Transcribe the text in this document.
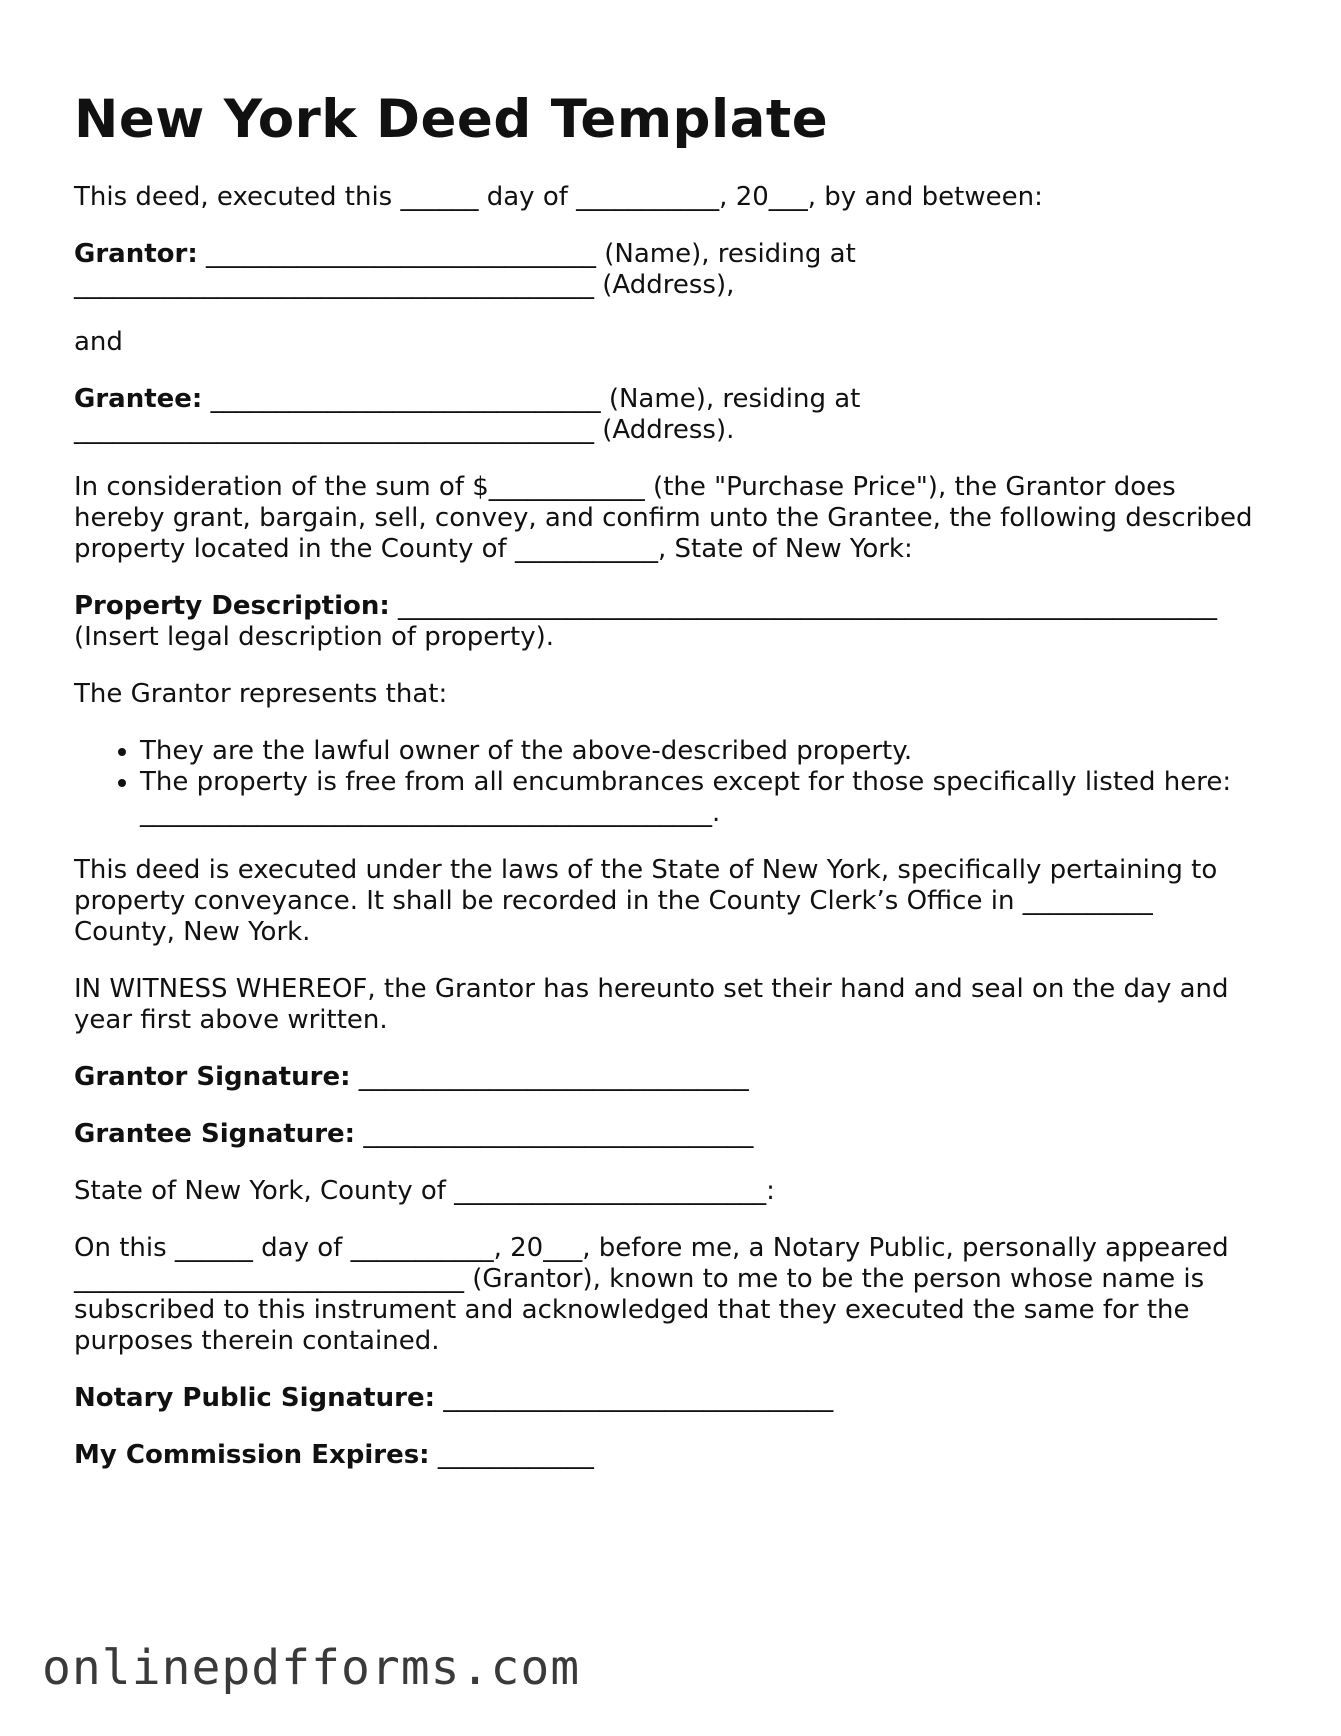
New York Deed Template

This deed, executed this ______ day of ___________, 20___, by and between:

Grantor: ______________________________ (Name), residing at
________________________________________ (Address),

and

Grantee: ______________________________ (Name), residing at
________________________________________ (Address).

In consideration of the sum of $____________ (the "Purchase Price"), the Grantor does
hereby grant, bargain, sell, convey, and confirm unto the Grantee, the following described
property located in the County of ___________, State of New York:

Property Description: _______________________________________________________________
(Insert legal description of property).

The Grantor represents that:

• They are the lawful owner of the above-described property.
• The property is free from all encumbrances except for those specifically listed here:
____________________________________________.

This deed is executed under the laws of the State of New York, specifically pertaining to
property conveyance. It shall be recorded in the County Clerk’s Office in __________
County, New York.

IN WITNESS WHEREOF, the Grantor has hereunto set their hand and seal on the day and
year first above written.

Grantor Signature: ______________________________

Grantee Signature: ______________________________

State of New York, County of ________________________:

On this ______ day of ___________, 20___, before me, a Notary Public, personally appeared
______________________________ (Grantor), known to me to be the person whose name is
subscribed to this instrument and acknowledged that they executed the same for the
purposes therein contained.

Notary Public Signature: ______________________________

My Commission Expires: ____________

onlinepdfforms.com
